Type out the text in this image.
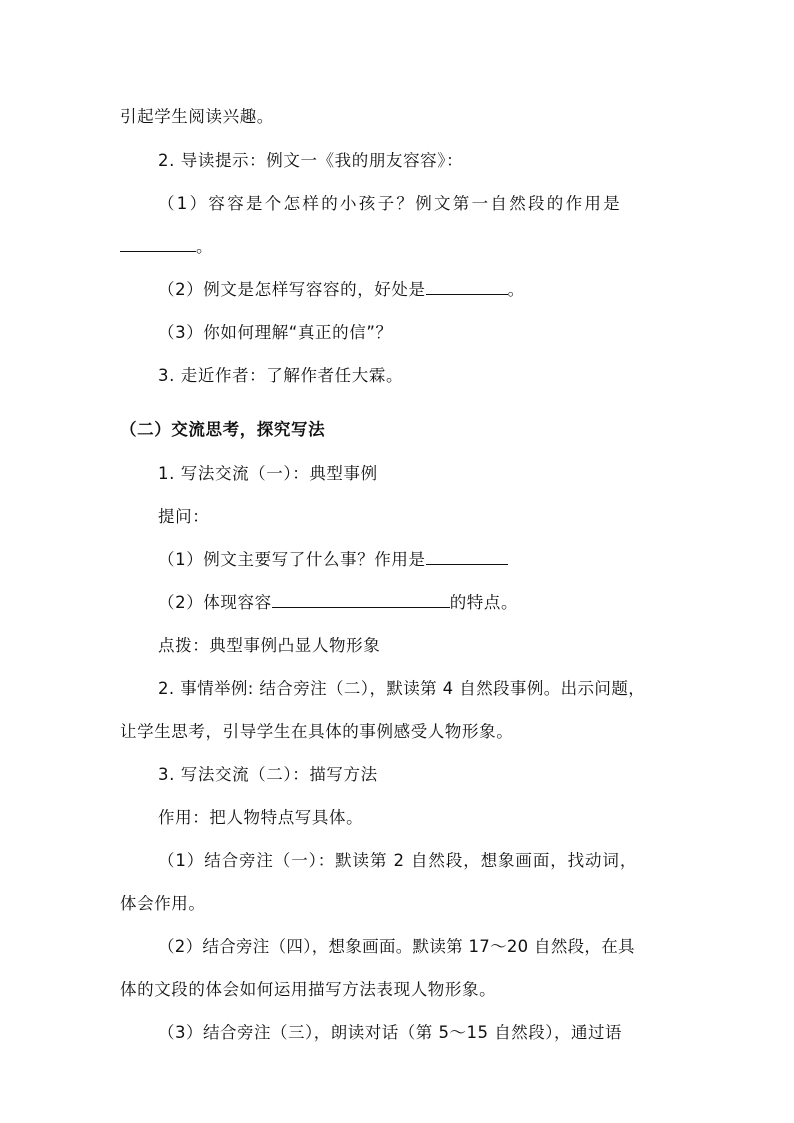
引起学生阅读兴趣。
2. 导读提示：例文一《我的朋友容容》：
（1）容容是个怎样的小孩子？例文第一自然段的作用是
。
（2）例文是怎样写容容的，好处是	。
（3）你如何理解“真正的信”？
3. 走近作者：了解作者任大霖。
（二）交流思考，探究写法
1. 写法交流（一）：典型事例
提问：
（1）例文主要写了什么事？作用是
（2）体现容容	的特点。
点拨：典型事例凸显人物形象
2. 事情举例: 结合旁注（二），默读第 4 自然段事例。出示问题，
让学生思考，引导学生在具体的事例感受人物形象。
3. 写法交流（二）：描写方法
作用：把人物特点写具体。
（1）结合旁注（一）：默读第 2 自然段，想象画面，找动词，
体会作用。
（2）结合旁注（四），想象画面。默读第 17～20 自然段，在具
体的文段的体会如何运用描写方法表现人物形象。
（3）结合旁注（三），朗读对话（第 5～15 自然段），通过语
